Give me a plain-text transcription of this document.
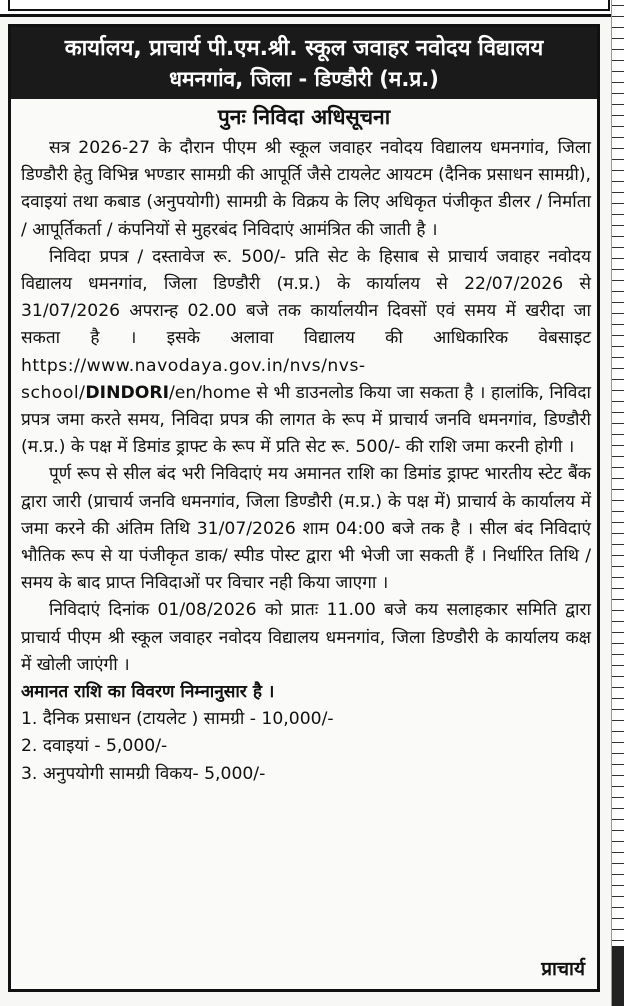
कार्यालय, प्राचार्य पी.एम.श्री. स्कूल जवाहर नवोदय विद्यालय
धमनगांव, जिला - डिण्डौरी (म.प्र.)
पुनः निविदा अधिसूचना

सत्र 2026-27 के दौरान पीएम श्री स्कूल जवाहर नवोदय विद्यालय धमनगांव, जिला डिण्डौरी हेतु विभिन्न भण्डार सामग्री की आपूर्ति जैसे टायलेट आयटम (दैनिक प्रसाधन सामग्री), दवाइयां तथा कबाड (अनुपयोगी) सामग्री के विक्रय के लिए अधिकृत पंजीकृत डीलर / निर्माता / आपूर्तिकर्ता / कंपनियों से मुहरबंद निविदाएं आमंत्रित की जाती है ।

निविदा प्रपत्र / दस्तावेज रू. 500/- प्रति सेट के हिसाब से प्राचार्य जवाहर नवोदय विद्यालय धमनगांव, जिला डिण्डौरी (म.प्र.) के कार्यालय से 22/07/2026 से 31/07/2026 अपरान्ह 02.00 बजे तक कार्यालयीन दिवसों एवं समय में खरीदा जा सकता है । इसके अलावा विद्यालय की आधिकारिक वेबसाइट https://www.navodaya.gov.in/nvs/nvs-school/DINDORI/en/home से भी डाउनलोड किया जा सकता है । हालांकि, निविदा प्रपत्र जमा करते समय, निविदा प्रपत्र की लागत के रूप में प्राचार्य जनवि धमनगांव, डिण्डौरी (म.प्र.) के पक्ष में डिमांड ड्राफ्ट के रूप में प्रति सेट रू. 500/- की राशि जमा करनी होगी ।

पूर्ण रूप से सील बंद भरी निविदाएं मय अमानत राशि का डिमांड ड्राफ्ट भारतीय स्टेट बैंक द्वारा जारी (प्राचार्य जनवि धमनगांव, जिला डिण्डौरी (म.प्र.) के पक्ष में) प्राचार्य के कार्यालय में जमा करने की अंतिम तिथि 31/07/2026 शाम 04:00 बजे तक है । सील बंद निविदाएं भौतिक रूप से या पंजीकृत डाक/ स्पीड पोस्ट द्वारा भी भेजी जा सकती हैं । निर्धारित तिथि / समय के बाद प्राप्त निविदाओं पर विचार नही किया जाएगा ।

निविदाएं दिनांक 01/08/2026 को प्रातः 11.00 बजे कय सलाहकार समिति द्वारा प्राचार्य पीएम श्री स्कूल जवाहर नवोदय विद्यालय धमनगांव, जिला डिण्डौरी के कार्यालय कक्ष में खोली जाएंगी ।

अमानत राशि का विवरण निम्नानुसार है ।

1. दैनिक प्रसाधन (टायलेट ) सामग्री - 10,000/-

2. दवाइयां - 5,000/-

3. अनुपयोगी सामग्री विकय- 5,000/-

प्राचार्य
